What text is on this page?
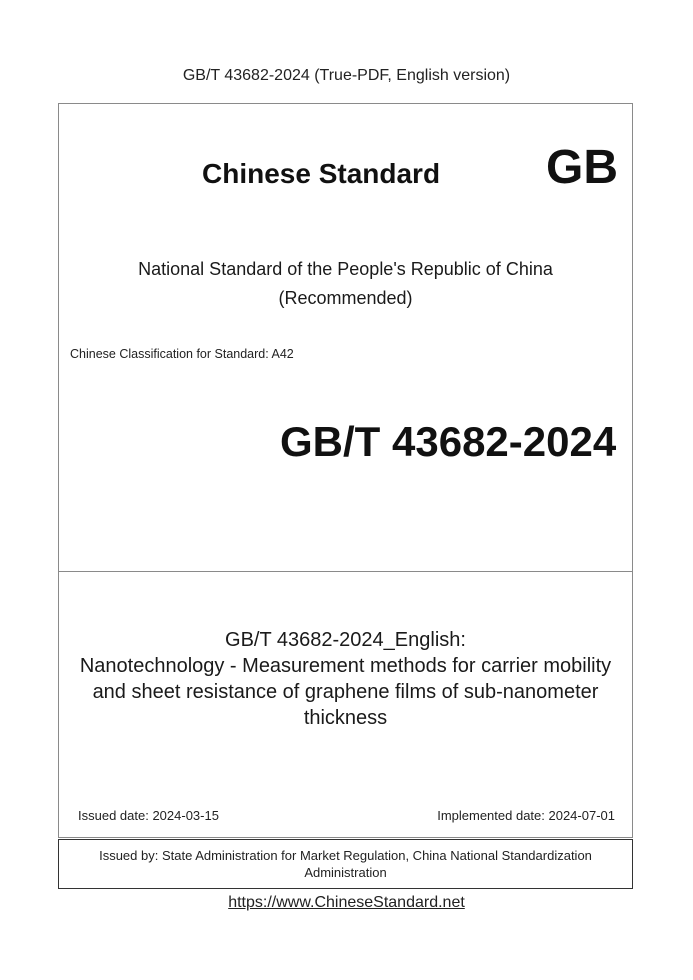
GB/T 43682-2024 (True-PDF, English version)
Chinese Standard GB
National Standard of the People's Republic of China
(Recommended)
Chinese Classification for Standard: A42
GB/T 43682-2024
GB/T 43682-2024_English:
Nanotechnology - Measurement methods for carrier mobility
and sheet resistance of graphene films of sub-nanometer
thickness
Issued date: 2024-03-15	Implemented date: 2024-07-01
Issued by: State Administration for Market Regulation, China National Standardization
Administration
https://www.ChineseStandard.net
